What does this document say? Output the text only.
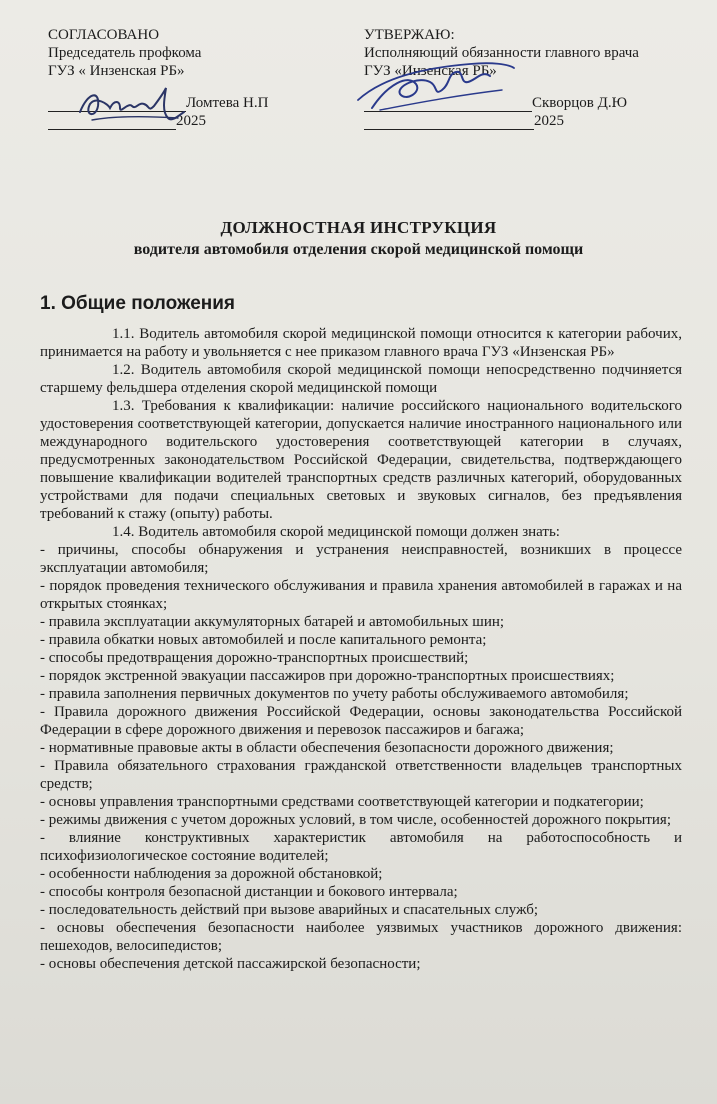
СОГЛАСОВАНО
Председатель профкома
ГУЗ « Инзенская РБ»
Ломтева Н.П
2025
УТВЕРЖАЮ:
Исполняющий обязанности главного врача
ГУЗ «Инзенская РБ»
Скворцов Д.Ю
2025
ДОЛЖНОСТНАЯ ИНСТРУКЦИЯ
водителя автомобиля отделения скорой медицинской помощи
1. Общие положения

1.1. Водитель автомобиля скорой медицинской помощи относится к категории рабочих, принимается на работу и увольняется с нее приказом главного врача ГУЗ «Инзенская РБ»

1.2. Водитель автомобиля скорой медицинской помощи непосредственно подчиняется старшему фельдшера отделения скорой медицинской помощи

1.3. Требования к квалификации: наличие российского национального водительского удостоверения соответствующей категории, допускается наличие иностранного национального или международного водительского удостоверения соответствующей категории в случаях, предусмотренных законодательством Российской Федерации, свидетельства, подтверждающего повышение квалификации водителей транспортных средств различных категорий, оборудованных устройствами для подачи специальных световых и звуковых сигналов, без предъявления требований к стажу (опыту) работы.

1.4. Водитель автомобиля скорой медицинской помощи должен знать:

- причины, способы обнаружения и устранения неисправностей, возникших в процессе эксплуатации автомобиля;

- порядок проведения технического обслуживания и правила хранения автомобилей в гаражах и на открытых стоянках;

- правила эксплуатации аккумуляторных батарей и автомобильных шин;

- правила обкатки новых автомобилей и после капитального ремонта;

- способы предотвращения дорожно-транспортных происшествий;

- порядок экстренной эвакуации пассажиров при дорожно-транспортных происшествиях;

- правила заполнения первичных документов по учету работы обслуживаемого автомобиля;

- Правила дорожного движения Российской Федерации, основы законодательства Российской Федерации в сфере дорожного движения и перевозок пассажиров и багажа;

- нормативные правовые акты в области обеспечения безопасности дорожного движения;

- Правила обязательного страхования гражданской ответственности владельцев транспортных средств;

- основы управления транспортными средствами соответствующей категории и подкатегории;

- режимы движения с учетом дорожных условий, в том числе, особенностей дорожного покрытия;

- влияние конструктивных характеристик автомобиля на работоспособность и психофизиологическое состояние водителей;

- особенности наблюдения за дорожной обстановкой;

- способы контроля безопасной дистанции и бокового интервала;

- последовательность действий при вызове аварийных и спасательных служб;

- основы обеспечения безопасности наиболее уязвимых участников дорожного движения: пешеходов, велосипедистов;

- основы обеспечения детской пассажирской безопасности;
